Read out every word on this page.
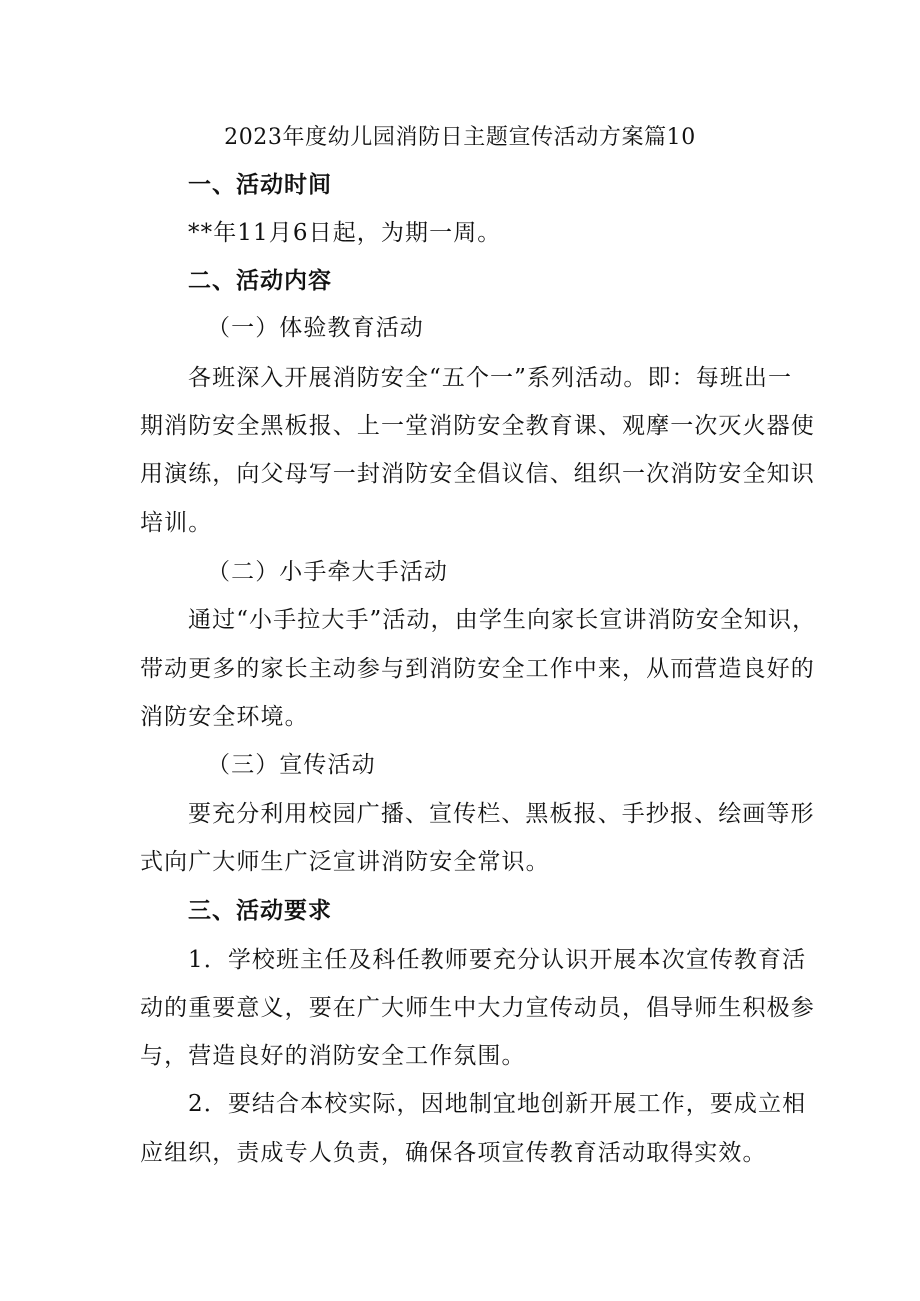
2023年度幼儿园消防日主题宣传活动方案篇10
一、活动时间
**年11月6日起，为期一周。
二、活动内容
（一）体验教育活动
各班深入开展消防安全“五个一”系列活动。即：每班出一
期消防安全黑板报、上一堂消防安全教育课、观摩一次灭火器使
用演练，向父母写一封消防安全倡议信、组织一次消防安全知识
培训。
（二）小手牵大手活动
通过“小手拉大手”活动，由学生向家长宣讲消防安全知识，
带动更多的家长主动参与到消防安全工作中来，从而营造良好的
消防安全环境。
（三）宣传活动
要充分利用校园广播、宣传栏、黑板报、手抄报、绘画等形
式向广大师生广泛宣讲消防安全常识。
三、活动要求
1．学校班主任及科任教师要充分认识开展本次宣传教育活
动的重要意义，要在广大师生中大力宣传动员，倡导师生积极参
与，营造良好的消防安全工作氛围。
2．要结合本校实际，因地制宜地创新开展工作，要成立相
应组织，责成专人负责，确保各项宣传教育活动取得实效。
